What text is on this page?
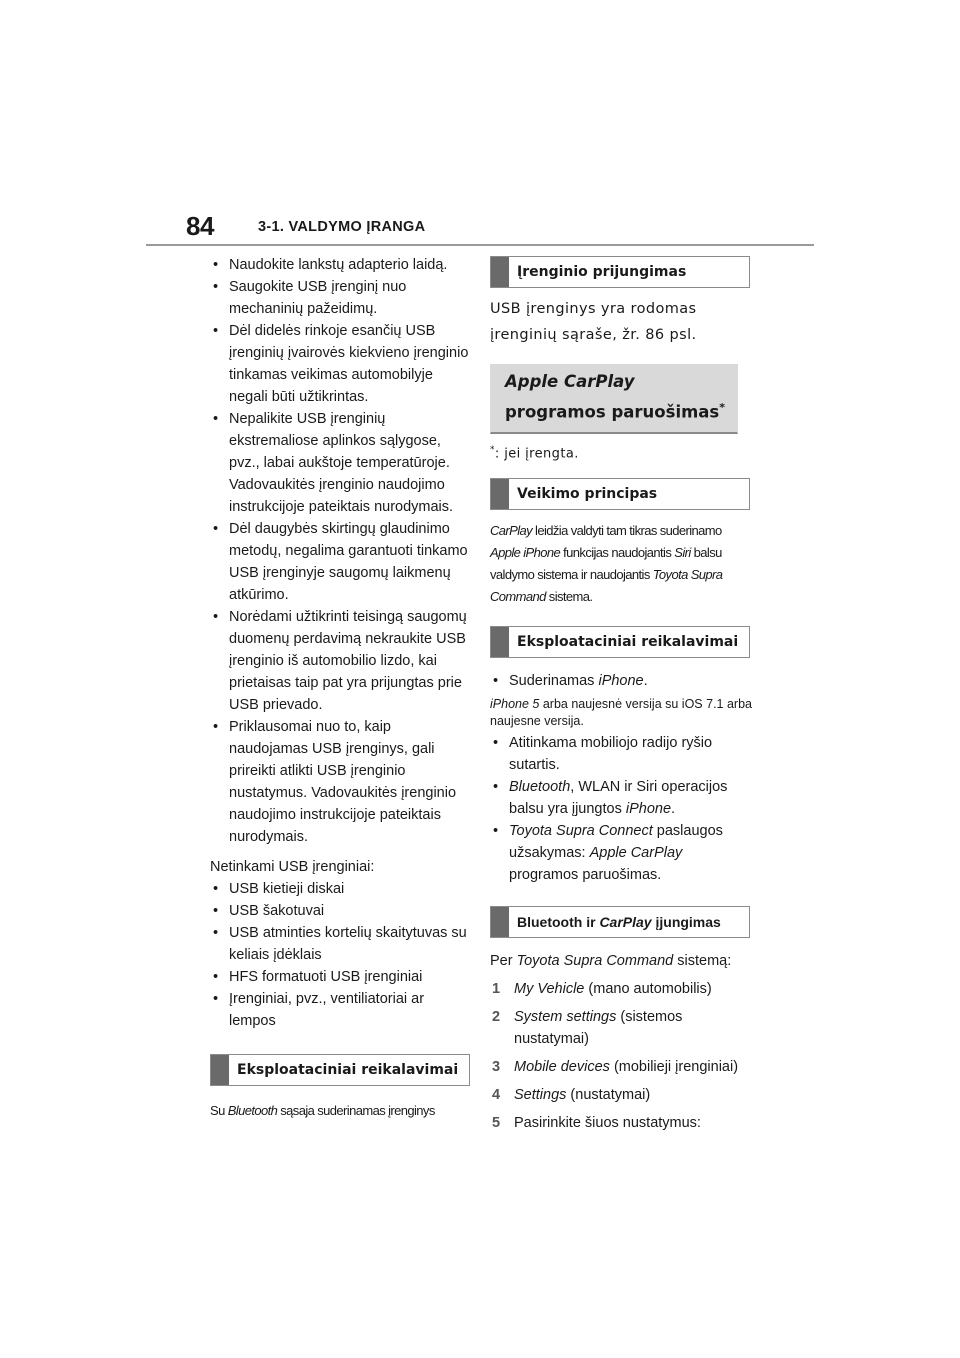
84	3-1. VALDYMO ĮRANGA
• Naudokite lankstų adapterio laidą.
• Saugokite USB įrenginį nuo mechaninių pažeidimų.
• Dėl didelės rinkoje esančių USB įrenginių įvairovės kiekvieno įrenginio tinkamas veikimas automobilyje negali būti užtikrintas.
• Nepalikite USB įrenginių ekstremaliose aplinkos sąlygose, pvz., labai aukštoje temperatūroje. Vadovaukitės įrenginio naudojimo instrukcijoje pateiktais nurodymais.
• Dėl daugybės skirtingų glaudinimo metodų, negalima garantuoti tinkamo USB įrenginyje saugomų laikmenų atkūrimo.
• Norėdami užtikrinti teisingą saugomų duomenų perdavimą nekraukite USB įrenginio iš automobilio lizdo, kai prietaisas taip pat yra prijungtas prie USB prievado.
• Priklausomai nuo to, kaip naudojamas USB įrenginys, gali prireikti atlikti USB įrenginio nustatymus. Vadovaukitės įrenginio naudojimo instrukcijoje pateiktais nurodymais.

Netinkami USB įrenginiai:

• USB kietieji diskai
• USB šakotuvai
• USB atminties kortelių skaitytuvas su keliais įdėklais
• HFS formatuoti USB įrenginiai
• Įrenginiai, pvz., ventiliatoriai ar lempos
Eksploataciniai reikalavimai

Su Bluetooth sąsaja suderinamas įrenginys

Įrenginio prijungimas

USB įrenginys yra rodomas įrenginių sąraše, žr. 86 psl.

Apple CarPlay programos paruošimas*

*: jei įrengta.

Veikimo principas

CarPlay leidžia valdyti tam tikras suderinamo Apple iPhone funkcijas naudojantis Siri balsu valdymo sistema ir naudojantis Toyota Supra Command sistema.

Eksploataciniai reikalavimai
• Suderinamas iPhone.

iPhone 5 arba naujesnė versija su iOS 7.1 arba naujesne versija.

• Atitinkama mobiliojo radijo ryšio sutartis.
• Bluetooth, WLAN ir Siri operacijos balsu yra įjungtos iPhone.
• Toyota Supra Connect paslaugos užsakymas: Apple CarPlay programos paruošimas.
Bluetooth ir CarPlay įjungimas

Per Toyota Supra Command sistemą:

1 My Vehicle (mano automobilis)
2 System settings (sistemos nustatymai)
3 Mobile devices (mobilieji įrenginiai)
4 Settings (nustatymai)
5 Pasirinkite šiuos nustatymus:
